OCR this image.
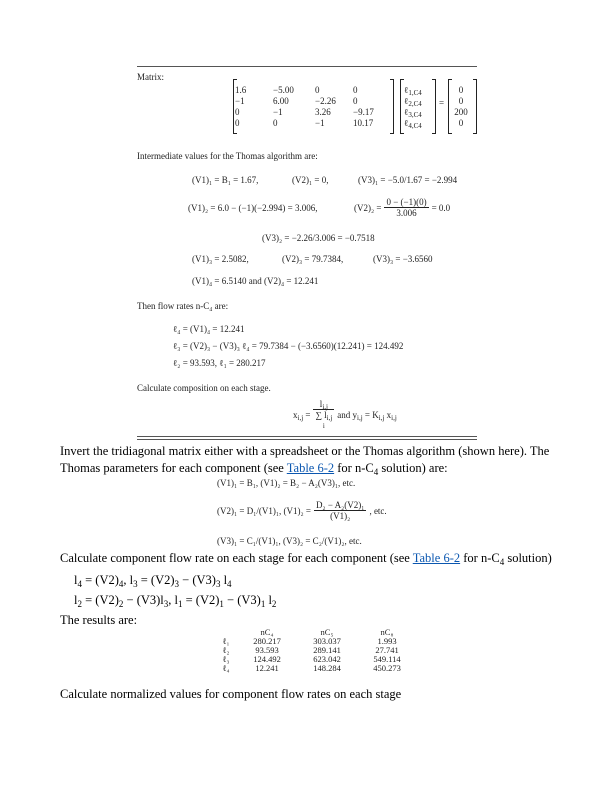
Matrix:
1.6	−5.00 0	0
−1	6.00	−2.26 0
0	−1	3.26 −9.17
0	0	−1	10.17
ℓ$_{1,C4}$
ℓ$_{2,C4}$
ℓ$_{3,C4}$
ℓ$_{4,C4}$
=
0
0
200
0
Intermediate values for the Thomas algorithm are:
(V1)₁ = B₁ = 1.67,	(V2)₁ = 0,	(V3)₁ = −5.0/1.67 = −2.994
(V1)₂ = 6.0 − (−1)(−2.994) = 3.006,	$(V2)_2 = \frac{0 - (-1)(0)}{3.006} = 0.0$
(V3)₂ = −2.26/3.006 = −0.7518
(V1)₃ = 2.5082,	(V2)₃ = 79.7384,	(V3)₃ = −3.6560
(V1)₄ = 6.5140 and (V2)₄ = 12.241
Then flow rates n-C₄ are:
ℓ₄ = (V1)₄ = 12.241
ℓ₃ = (V2)₃ − (V3)₃ ℓ₄ = 79.7384 − (−3.6560)(12.241) = 124.492
ℓ₂ = 93.593, ℓ₁ = 280.217
Calculate composition on each stage.
$x_{i,j}$ =
$l_{i,j}$
∑ $l_{i,j}$
i
and $y_{i,j} = K_{i,j}$ $x_{i,j}$
Invert the tridiagonal matrix either with a spreadsheet or the Thomas algorithm (shown here). The
Thomas parameters for each component (see Table 6-2 for $n-C_4$ solution) are:
(V1)₁ = B₁, (V1)₂ = B₂ − A₂(V3)₁, etc.
(V2)₁ = D₁/(V1)₁, $(V1)_2 = \frac{\text{D₂ − A₂(V2)₁}}{\text{(V1)₂}}$ , etc.
(V3)₁ = C₁/(V1)₁, (V3)₂ = C₂/(V1)₂, etc.
Calculate component flow rate on each stage for each component (see Table 6-2 for $n-C_4$ solution)
$l_4 = (V2)_4$, $l_3 = (V2)_3 - (V3)_3$ $l_4$
$l_2 = (V2)_2 - (V3)l_3$, $l_1 = (V2)_1 - (V3)_1$ $l_2$
The results are:
	nC₄	nC₅	nC₈
ℓ₁	280.217	303.037	1.993
ℓ₂	93.593	289.141	27.741
ℓ₃	124.492	623.042	549.114
ℓ₄	12.241	148.284	450.273
Calculate normalized values for component flow rates on each stage
